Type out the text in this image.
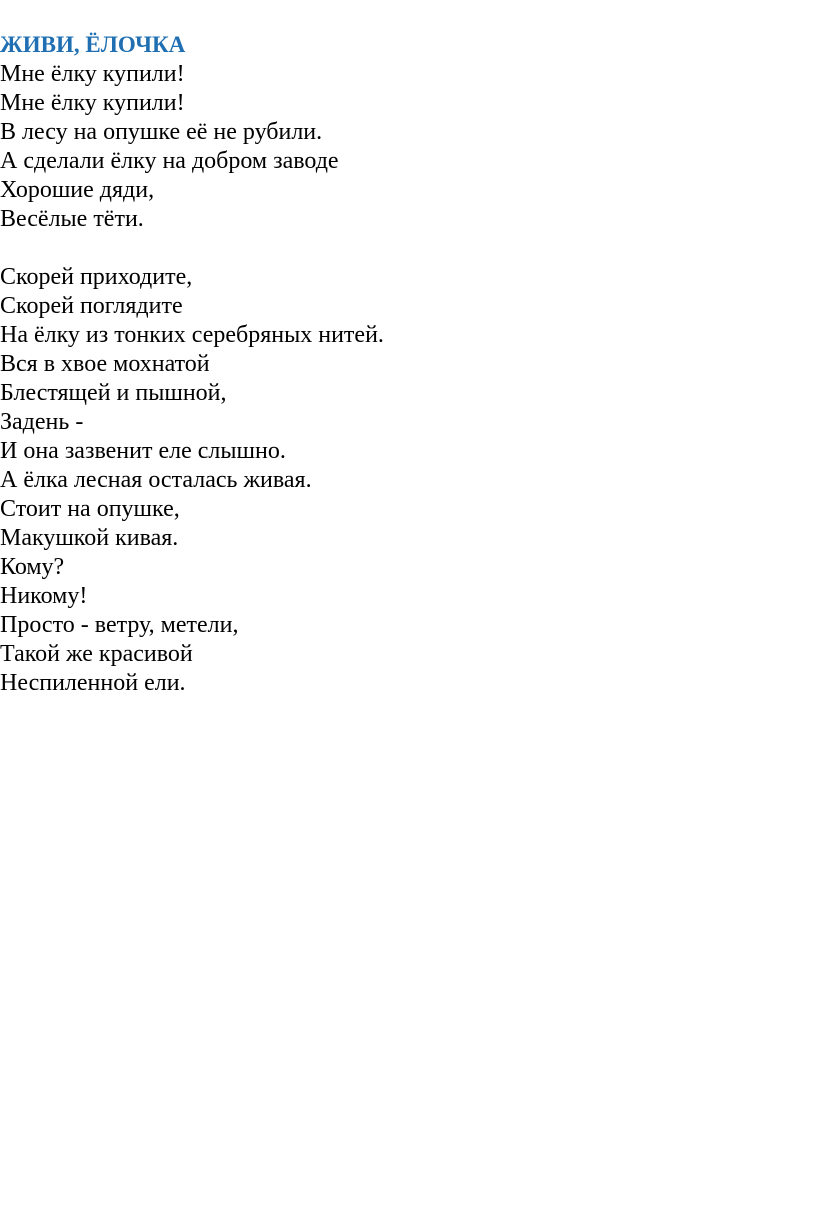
ЖИВИ, ЁЛОЧКА
Мне ёлку купили!
Мне ёлку купили!
В лесу на опушке её не рубили.
А сделали ёлку на добром заводе
Хорошие дяди,
Весёлые тёти.
Скорей приходите,
Скорей поглядите
На ёлку из тонких серебряных нитей.
Вся в хвое мохнатой
Блестящей и пышной,
Задень -
И она зазвенит еле слышно.
А ёлка лесная осталась живая.
Стоит на опушке,
Макушкой кивая.
Кому?
Никому!
Просто - ветру, метели,
Такой же красивой
Неспиленной ели.
